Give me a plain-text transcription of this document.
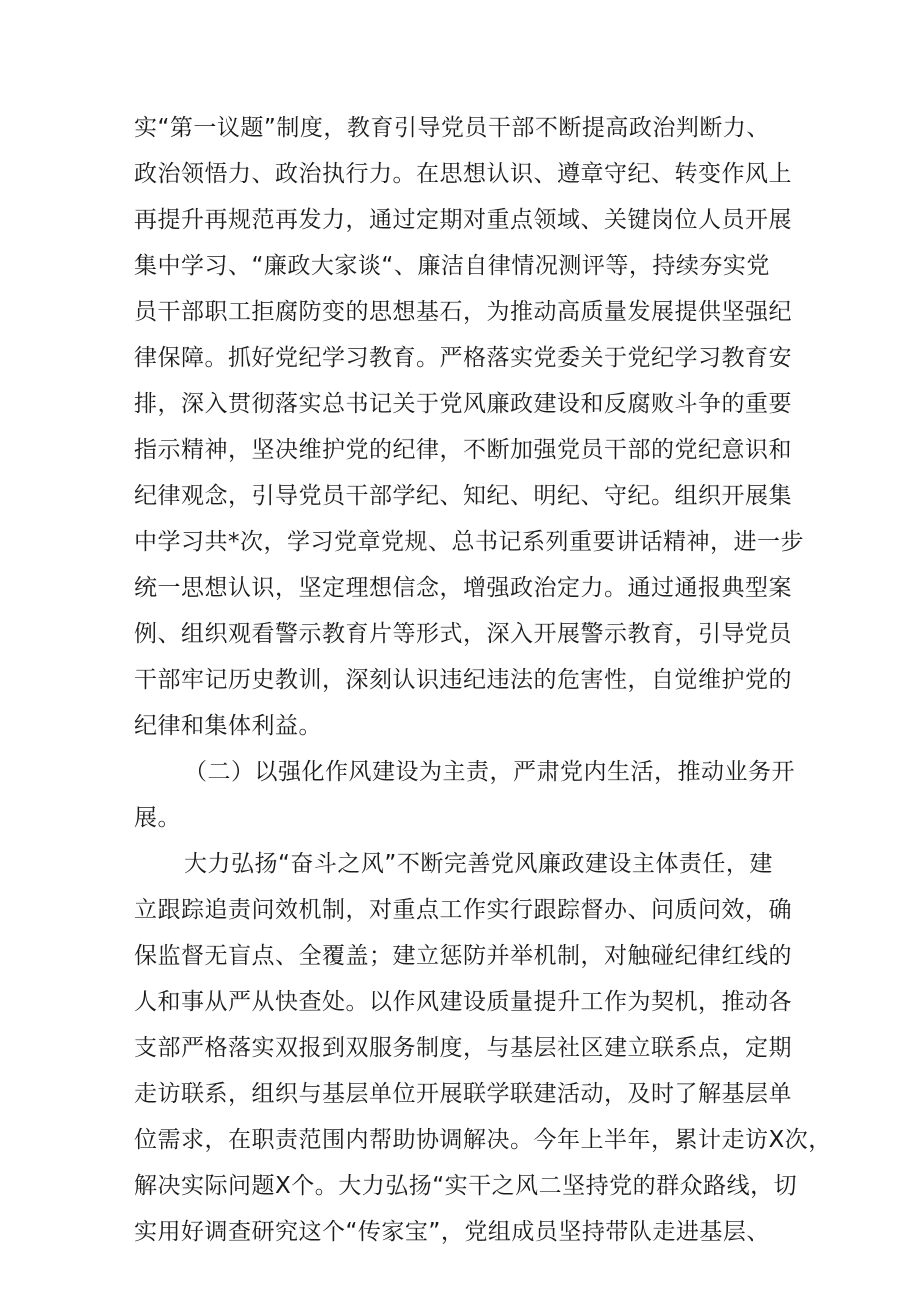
实“第一议题”制度，教育引导党员干部不断提高政治判断力、
政治领悟力、政治执行力。在思想认识、遵章守纪、转变作风上
再提升再规范再发力，通过定期对重点领域、关键岗位人员开展
集中学习、“廉政大家谈“、廉洁自律情况测评等，持续夯实党
员干部职工拒腐防变的思想基石，为推动高质量发展提供坚强纪
律保障。抓好党纪学习教育。严格落实党委关于党纪学习教育安
排，深入贯彻落实总书记关于党风廉政建设和反腐败斗争的重要
指示精神，坚决维护党的纪律，不断加强党员干部的党纪意识和
纪律观念，引导党员干部学纪、知纪、明纪、守纪。组织开展集
中学习共*次，学习党章党规、总书记系列重要讲话精神，进一步
统一思想认识，坚定理想信念，增强政治定力。通过通报典型案
例、组织观看警示教育片等形式，深入开展警示教育，引导党员
干部牢记历史教训，深刻认识违纪违法的危害性，自觉维护党的
纪律和集体利益。
（二）以强化作风建设为主责，严肃党内生活，推动业务开
展。
大力弘扬“奋斗之风”不断完善党风廉政建设主体责任，建
立跟踪追责问效机制，对重点工作实行跟踪督办、问质问效，确
保监督无盲点、全覆盖；建立惩防并举机制，对触碰纪律红线的
人和事从严从快查处。以作风建设质量提升工作为契机，推动各
支部严格落实双报到双服务制度，与基层社区建立联系点，定期
走访联系，组织与基层单位开展联学联建活动，及时了解基层单
位需求，在职责范围内帮助协调解决。今年上半年，累计走访X次，
解决实际问题X个。大力弘扬“实干之风二坚持党的群众路线，切
实用好调查研究这个“传家宝”，党组成员坚持带队走进基层、
